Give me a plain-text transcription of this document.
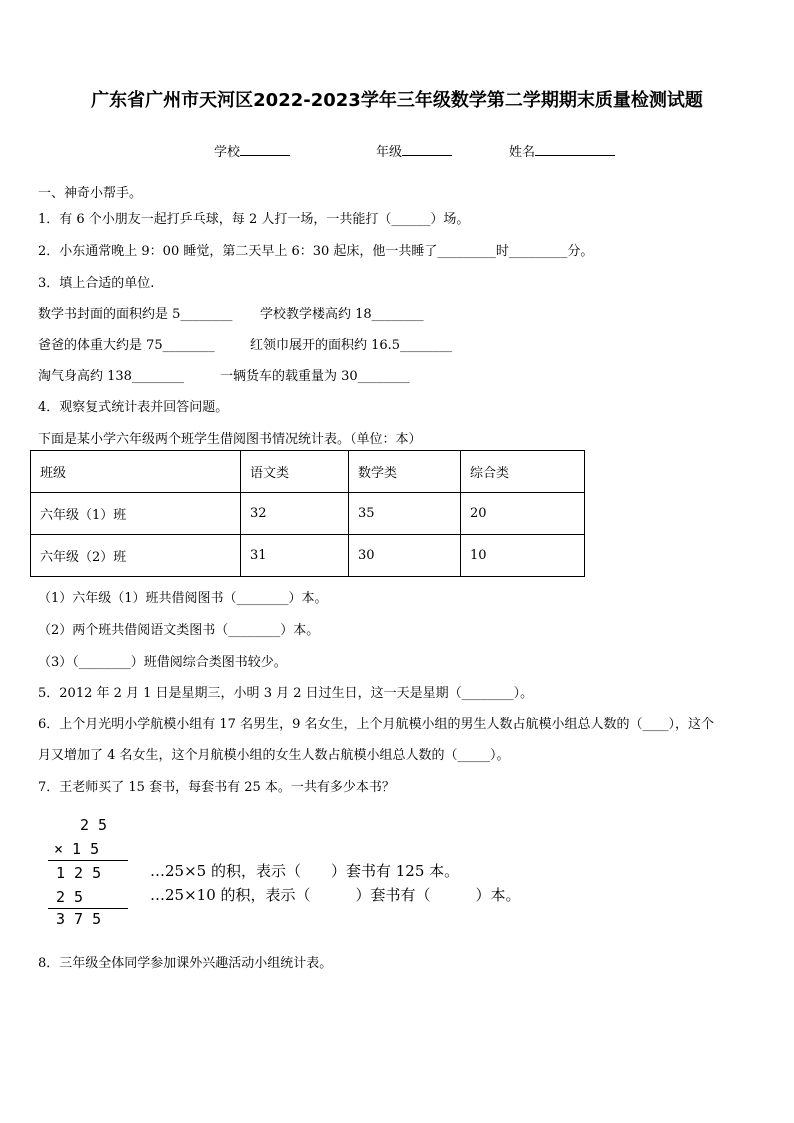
广东省广州市天河区2022-2023学年三年级数学第二学期期末质量检测试题
学校	年级	姓名
一、神奇小帮手。
1．有 6 个小朋友一起打乒乓球，每 2 人打一场，一共能打（______）场。
2．小东通常晚上 9：00 睡觉，第二天早上 6：30 起床，他一共睡了_________时_________分。
3．填上合适的单位.
数学书封面的面积约是 5________ 学校教学楼高约 18________
爸爸的体重大约是 75________	红领巾展开的面积约 16.5________
淘气身高约 138________	一辆货车的载重量为 30________
4．观察复式统计表并回答问题。
下面是某小学六年级两个班学生借阅图书情况统计表。（单位：本）
班级	语文类	数学类	综合类
六年级（1）班	32	35	20
六年级（2）班	31	30	10
（1）六年级（1）班共借阅图书（________）本。
（2）两个班共借阅语文类图书（________）本。
（3）（________）班借阅综合类图书较少。
5．2012 年 2 月 1 日是星期三，小明 3 月 2 日过生日，这一天是星期（________）。
6．上个月光明小学航模小组有 17 名男生，9 名女生，上个月航模小组的男生人数占航模小组总人数的（____），这个
月又增加了 4 名女生，这个月航模小组的女生人数占航模小组总人数的（_____）。
7．王老师买了 15 套书，每套书有 25 本。一共有多少本书？
2 5
× 1 5
1 2 5
2 5
3 7 5
…25×5 的积，表示（　　）套书有 125 本。
…25×10 的积，表示（　　　）套书有（　　　）本。
8．三年级全体同学参加课外兴趣活动小组统计表。
